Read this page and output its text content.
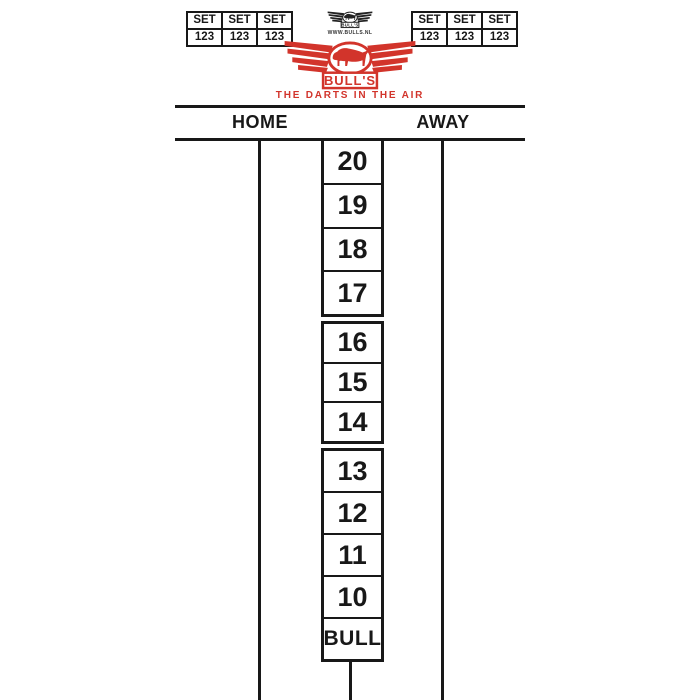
SET	SET	SET
123	123	123
SET	SET	SET
123	123	123
BULL'S
WWW.BULLS.NL
BULL'S
THE DARTS IN THE AIR
HOME	AWAY
20
19
18
17
16
15
14
13
12
11
10
BULL
